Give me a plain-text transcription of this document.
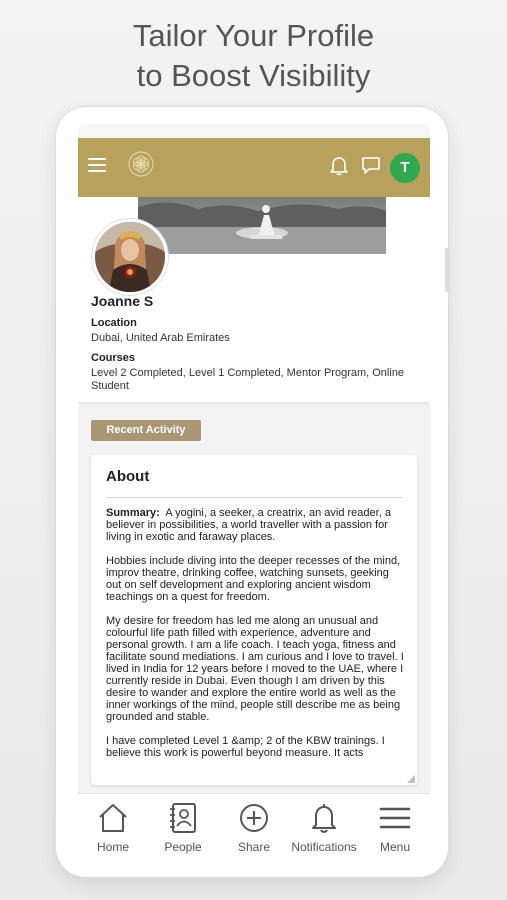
Tailor Your Profile
to Boost Visibility
T
Joanne S
Location
Dubai, United Arab Emirates
Courses
Level 2 Completed, Level 1 Completed, Mentor Program, Online Student
Recent Activity
About

Summary: A yogini, a seeker, a creatrix, an avid reader, a believer in possibilities, a world traveller with a passion for living in exotic and faraway places.

Hobbies include diving into the deeper recesses of the mind, improv theatre, drinking coffee, watching sunsets, geeking out on self development and exploring ancient wisdom teachings on a quest for freedom.

My desire for freedom has led me along an unusual and colourful life path filled with experience, adventure and personal growth. I am a life coach. I teach yoga, fitness and facilitate sound mediations. I am curious and I love to travel. I lived in India for 12 years before I moved to the UAE, where I currently reside in Dubai. Even though I am driven by this desire to wander and explore the entire world as well as the inner workings of the mind, people still describe me as being grounded and stable.

I have completed Level 1 &amp; 2 of the KBW trainings. I believe this work is powerful beyond measure. It acts

Home	People	Share	Notifications	Menu
